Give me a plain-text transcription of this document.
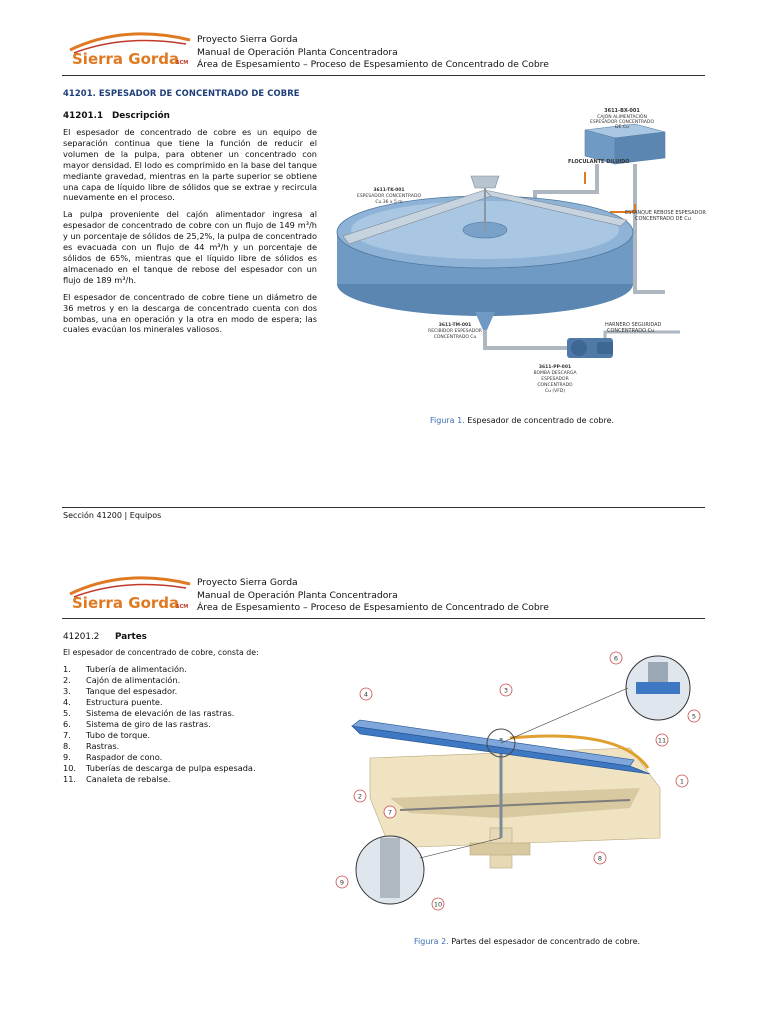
Sierra Gorda
SCM
Proyecto Sierra Gorda
Manual de Operación Planta Concentradora
Área de Espesamiento – Proceso de Espesamiento de Concentrado de Cobre
41201. ESPESADOR DE CONCENTRADO DE COBRE
41201.1 Descripción

El espesador de concentrado de cobre es un equipo de separación continua que tiene la función de reducir el volumen de la pulpa, para obtener un concentrado con mayor densidad. El lodo es comprimido en la base del tanque mediante gravedad, mientras en la parte superior se obtiene una capa de líquido libre de sólidos que se extrae y recircula nuevamente en el proceso.

La pulpa proveniente del cajón alimentador ingresa al espesador de concentrado de cobre con un flujo de 149 m³/h y un porcentaje de sólidos de 25,2%, la pulpa de concentrado es evacuada con un flujo de 44 m³/h y un porcentaje de sólidos de 65%, mientras que el líquido libre de sólidos es almacenado en el tanque de rebose del espesador con un flujo de 189 m³/h.

El espesador de concentrado de cobre tiene un diámetro de 36 metros y en la descarga de concentrado cuenta con dos bombas, una en operación y la otra en modo de espera; las cuales evacúan los minerales valiosos.

3611-BX-001
CAJÓN ALIMENTACIÓN
ESPESADOR CONCENTRADO
DE Cu
FLOCULANTE DILUIDO
3611-TK-001
ESPESADOR CONCENTRADO
Cu 36 x 5 m
ESTANQUE REBOSE ESPESADOR
CONCENTRADO DE Cu
3611-TM-001
RECIBIDOR ESPESADOR
CONCENTRADO Cu
HARNERO SEGURIDAD
CONCENTRADO Cu
3611-PP-001
BOMBA DESCARGA
ESPESADOR
CONCENTRADO
Cu (VFD)
Figura 1. Espesador de concentrado de cobre.
Sección 41200 | Equipos
Sierra Gorda
SCM
Proyecto Sierra Gorda
Manual de Operación Planta Concentradora
Área de Espesamiento – Proceso de Espesamiento de Concentrado de Cobre
41201.2 Partes
El espesador de concentrado de cobre, consta de:
1. Tubería de alimentación.
2. Cajón de alimentación.
3. Tanque del espesador.
4. Estructura puente.
5. Sistema de elevación de las rastras.
6. Sistema de giro de las rastras.
7. Tubo de torque.
8. Rastras.
9. Raspador de cono.
10. Tuberías de descarga de pulpa espesada.
11. Canaleta de rebalse.	1
2
3
4
5
6
7
8
9
10
11
Figura 2. Partes del espesador de concentrado de cobre.
